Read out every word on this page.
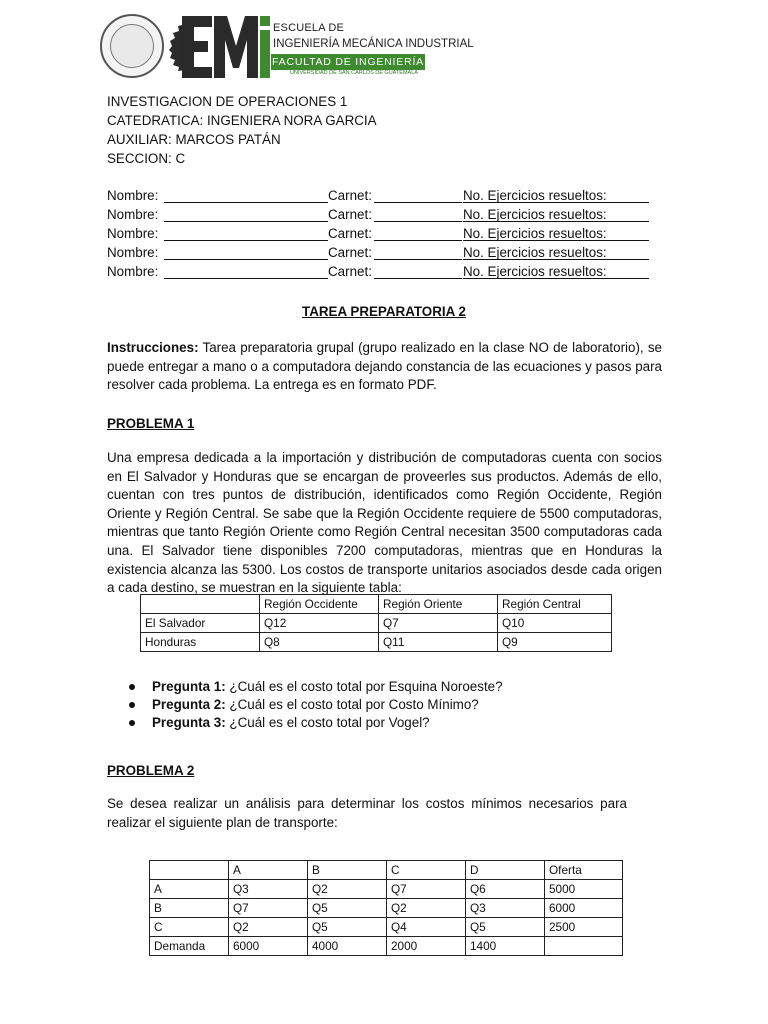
ESCUELA DE
INGENIERÍA MECÁNICA INDUSTRIAL
FACULTAD DE INGENIERÍA
UNIVERSIDAD DE SAN CARLOS DE GUATEMALA
INVESTIGACION DE OPERACIONES 1
CATEDRATICA: INGENIERA NORA GARCIA
AUXILIAR: MARCOS PATÁN
SECCION: C
Nombre:	Carnet:	No. Ejercicios resueltos:
Nombre:	Carnet:	No. Ejercicios resueltos:
Nombre:	Carnet:	No. Ejercicios resueltos:
Nombre:	Carnet:	No. Ejercicios resueltos:
Nombre:	Carnet:	No. Ejercicios resueltos:
TAREA PREPARATORIA 2
Instrucciones: Tarea preparatoria grupal (grupo realizado en la clase NO de laboratorio), se puede entregar a mano o a computadora dejando constancia de las ecuaciones y pasos para resolver cada problema. La entrega es en formato PDF.
PROBLEMA 1
Una empresa dedicada a la importación y distribución de computadoras cuenta con socios en El Salvador y Honduras que se encargan de proveerles sus productos. Además de ello, cuentan con tres puntos de distribución, identificados como Región Occidente, Región Oriente y Región Central. Se sabe que la Región Occidente requiere de 5500 computadoras, mientras que tanto Región Oriente como Región Central necesitan 3500 computadoras cada una. El Salvador tiene disponibles 7200 computadoras, mientras que en Honduras la existencia alcanza las 5300. Los costos de transporte unitarios asociados desde cada origen a cada destino, se muestran en la siguiente tabla:
	Región Occidente	Región Oriente	Región Central
El Salvador	Q12	Q7	Q10
Honduras	Q8	Q11	Q9
Pregunta 1: ¿Cuál es el costo total por Esquina Noroeste?
Pregunta 2: ¿Cuál es el costo total por Costo Mínimo?
Pregunta 3: ¿Cuál es el costo total por Vogel?
PROBLEMA 2
Se desea realizar un análisis para determinar los costos mínimos necesarios para realizar el siguiente plan de transporte:
	A	B	C	D	Oferta
A	Q3	Q2	Q7	Q6	5000
B	Q7	Q5	Q2	Q3	6000
C	Q2	Q5	Q4	Q5	2500
Demanda	6000	4000	2000	1400	
